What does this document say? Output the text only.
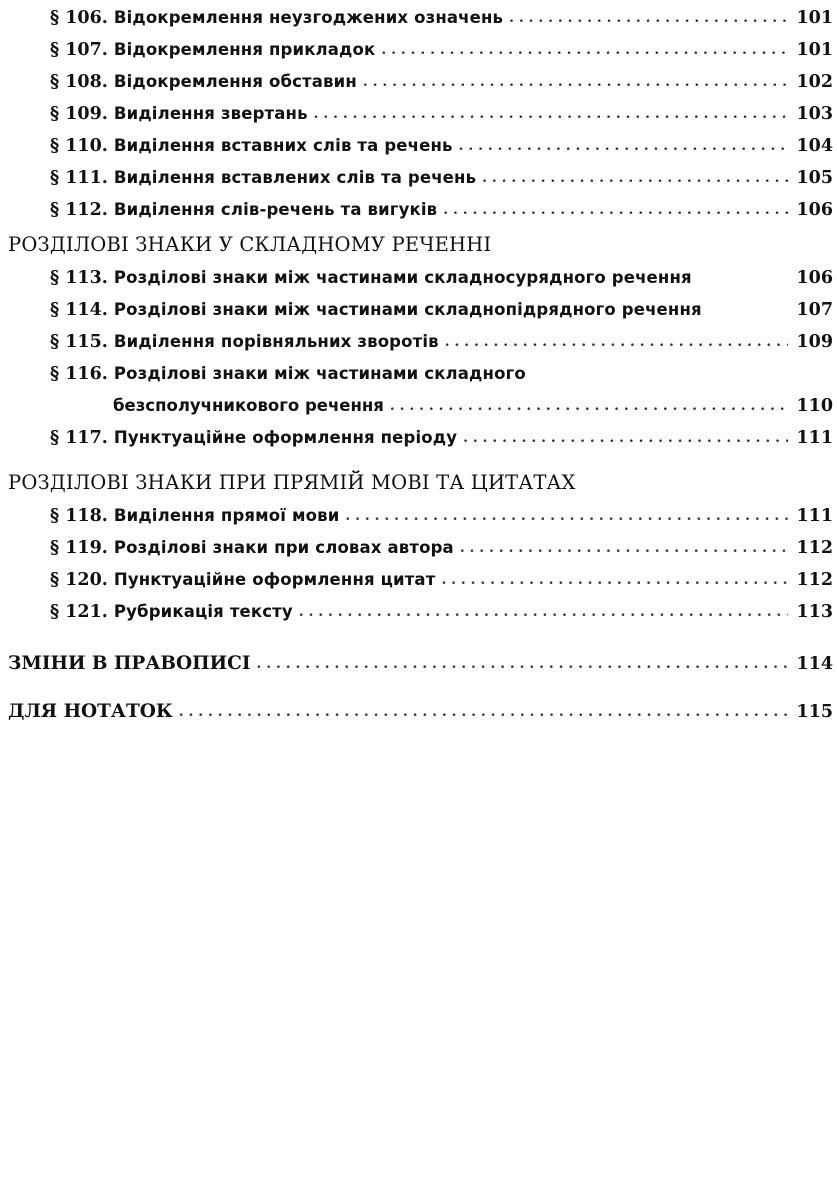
§ 106. Відокремлення неузгоджених означень . . .	101
§ 107. Відокремлення прикладок . . .	101
§ 108. Відокремлення обставин . . .	102
§ 109. Виділення звертань . . .	103
§ 110. Виділення вставних слів та речень . . .	104
§ 111. Виділення вставлених слів та речень . . .	105
§ 112. Виділення слів-речень та вигуків . . .	106
РОЗДІЛОВІ ЗНАКИ У СКЛАДНОМУ РЕЧЕННІ
§ 113. Розділові знаки між частинами складносурядного речення	106
§ 114. Розділові знаки між частинами складнопідрядного речення	107
§ 115. Виділення порівняльних зворотів . . .	109
§ 116. Розділові знаки між частинами складного
безсполучникового речення . . .	110
§ 117. Пунктуаційне оформлення періоду . . .	111
РОЗДІЛОВІ ЗНАКИ ПРИ ПРЯМІЙ МОВІ ТА ЦИТАТАХ
§ 118. Виділення прямої мови . . .	111
§ 119. Розділові знаки при словах автора . . .	112
§ 120. Пунктуаційне оформлення цитат . . .	112
§ 121. Рубрикація тексту . . .	113
ЗМІНИ В ПРАВОПИСІ . . .	114
ДЛЯ НОТАТОК . . .	115
